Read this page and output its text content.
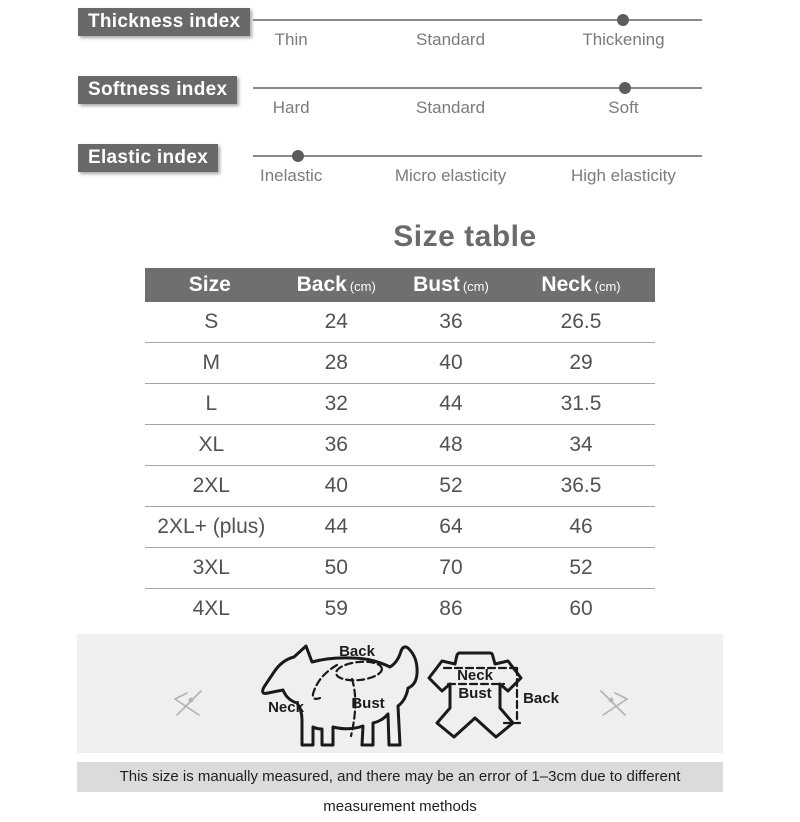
Thickness index
Thin	Standard	Thickening
Softness index
Hard	Standard	Soft
Elastic index
Inelastic	Micro elasticity	High elasticity
Size table
Size	Back (cm)	Bust (cm)	Neck (cm)
S	24	36	26.5
M	28	40	29
L	32	44	31.5
XL	36	48	34
2XL	40	52	36.5
2XL+ (plus)	44	64	46
3XL	50	70	52
4XL	59	86	60
Back
Neck	Bust
Neck
Bust Back
This size is manually measured, and there may be an error of 1–3cm due to different measurement methods
